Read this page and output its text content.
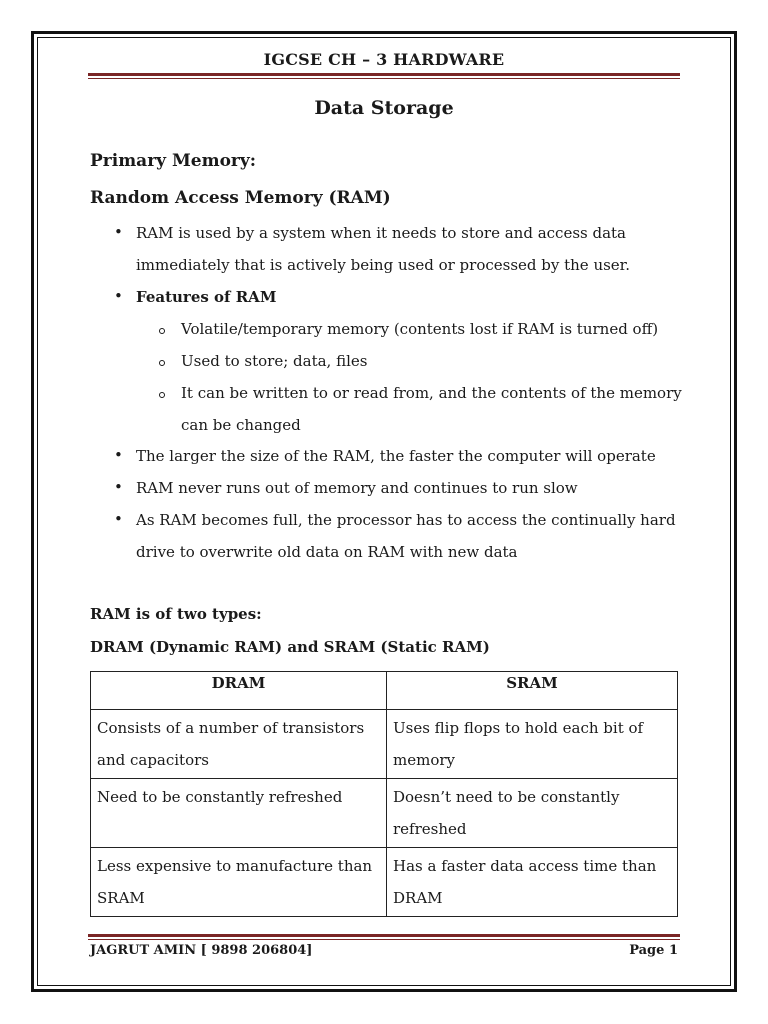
IGCSE CH – 3 HARDWARE
Data Storage
Primary Memory:
Random Access Memory (RAM)
• RAM is used by a system when it needs to store and access data
immediately that is actively being used or processed by the user.
• Features of RAM
Volatile/temporary memory (contents lost if RAM is turned off)
Used to store; data, files
It can be written to or read from, and the contents of the memory
can be changed
• The larger the size of the RAM, the faster the computer will operate
• RAM never runs out of memory and continues to run slow
• As RAM becomes full, the processor has to access the continually hard
drive to overwrite old data on RAM with new data
RAM is of two types:
DRAM (Dynamic RAM) and SRAM (Static RAM)
DRAM	SRAM
Consists of a number of transistors and capacitors	Uses flip flops to hold each bit of memory
Need to be constantly refreshed	Doesn’t need to be constantly refreshed
Less expensive to manufacture than SRAM	Has a faster data access time than DRAM
JAGRUT AMIN [ 9898 206804]	Page 1
